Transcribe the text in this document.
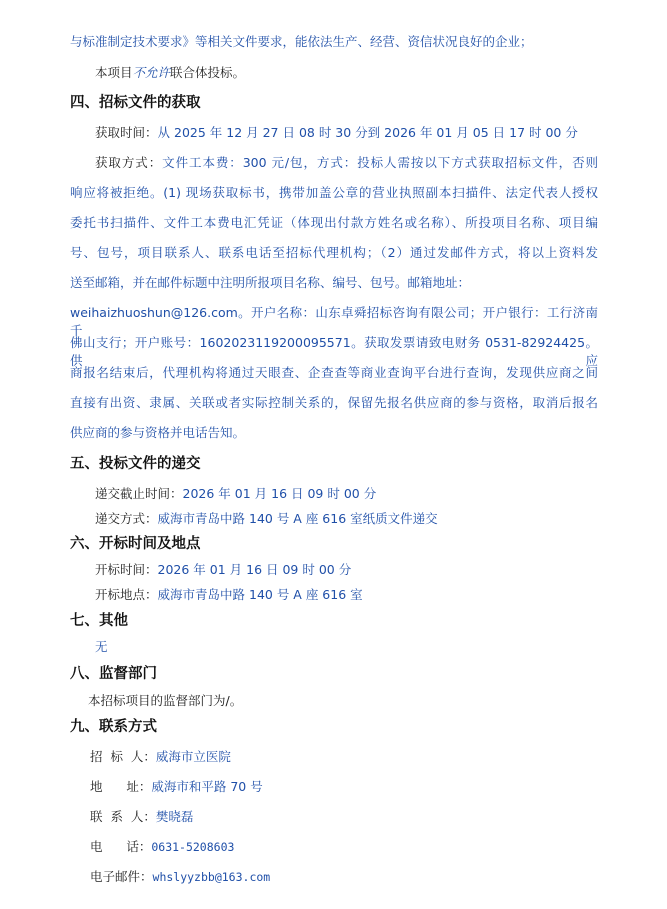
与标准制定技术要求》等相关文件要求，能依法生产、经营、资信状况良好的企业；
本项目不允许联合体投标。
四、招标文件的获取
获取时间：从 2025 年 12 月 27 日 08 时 30 分到 2026 年 01 月 05 日 17 时 00 分
获取方式：文件工本费：300 元/包，方式：投标人需按以下方式获取招标文件，否则
响应将被拒绝。(1) 现场获取标书，携带加盖公章的营业执照副本扫描件、法定代表人授权
委托书扫描件、文件工本费电汇凭证（体现出付款方姓名或名称）、所投项目名称、项目编
号、包号，项目联系人、联系电话至招标代理机构；（2）通过发邮件方式，将以上资料发
送至邮箱，并在邮件标题中注明所报项目名称、编号、包号。邮箱地址：
weihaizhuoshun@126.com。开户名称：山东卓舜招标咨询有限公司；开户银行：工行济南千
佛山支行；开户账号：1602023119200095571。获取发票请致电财务 0531-82924425。供应
商报名结束后，代理机构将通过天眼查、企查查等商业查询平台进行查询，发现供应商之间
直接有出资、隶属、关联或者实际控制关系的，保留先报名供应商的参与资格，取消后报名
供应商的参与资格并电话告知。
五、投标文件的递交
递交截止时间：2026 年 01 月 16 日 09 时 00 分
递交方式：威海市青岛中路 140 号 A 座 616 室纸质文件递交
六、开标时间及地点
开标时间：2026 年 01 月 16 日 09 时 00 分
开标地点：威海市青岛中路 140 号 A 座 616 室
七、其他
无
八、监督部门
本招标项目的监督部门为/。
九、联系方式
招  标  人：威海市立医院
地      址：威海市和平路 70 号
联  系  人：樊晓磊
电      话：0631-5208603
电子邮件：whslyyzbb@163.com
